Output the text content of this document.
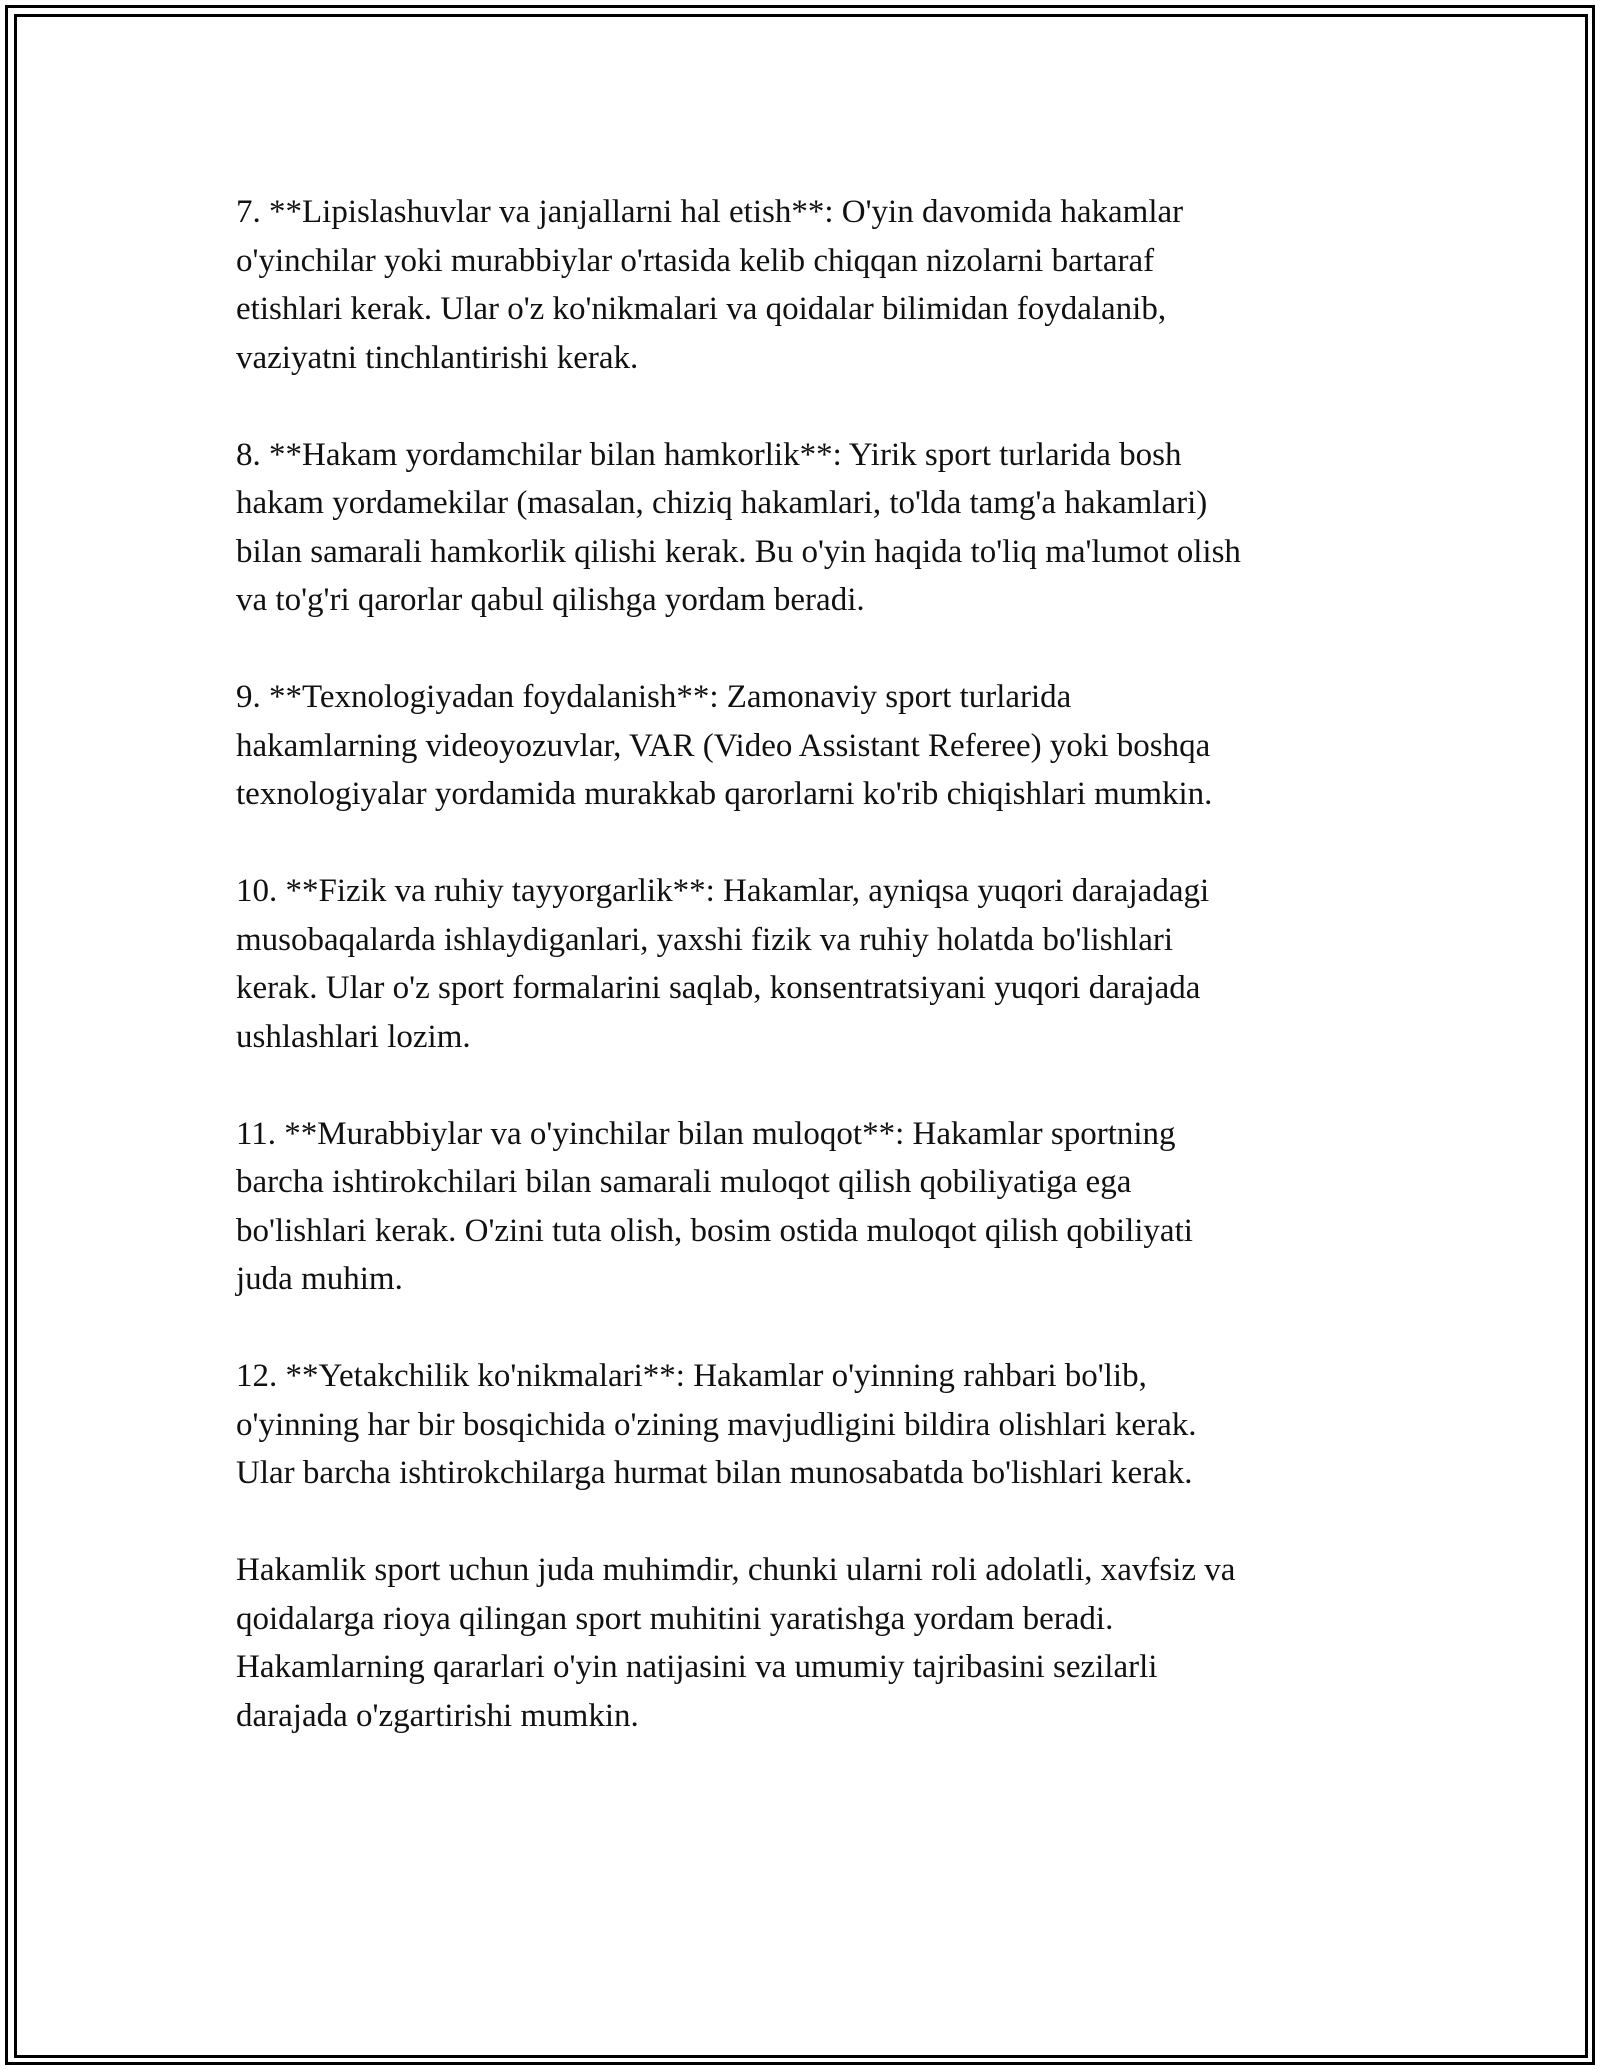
7. **Lipislashuvlar va janjallarni hal etish**: O'yin davomida hakamlar
o'yinchilar yoki murabbiylar o'rtasida kelib chiqqan nizolarni bartaraf
etishlari kerak. Ular o'z ko'nikmalari va qoidalar bilimidan foydalanib,
vaziyatni tinchlantirishi kerak.
8. **Hakam yordamchilar bilan hamkorlik**: Yirik sport turlarida bosh
hakam yordamekilar (masalan, chiziq hakamlari, to'lda tamg'a hakamlari)
bilan samarali hamkorlik qilishi kerak. Bu o'yin haqida to'liq ma'lumot olish
va to'g'ri qarorlar qabul qilishga yordam beradi.
9. **Texnologiyadan foydalanish**: Zamonaviy sport turlarida
hakamlarning videoyozuvlar, VAR (Video Assistant Referee) yoki boshqa
texnologiyalar yordamida murakkab qarorlarni ko'rib chiqishlari mumkin.
10. **Fizik va ruhiy tayyorgarlik**: Hakamlar, ayniqsa yuqori darajadagi
musobaqalarda ishlaydiganlari, yaxshi fizik va ruhiy holatda bo'lishlari
kerak. Ular o'z sport formalarini saqlab, konsentratsiyani yuqori darajada
ushlashlari lozim.
11. **Murabbiylar va o'yinchilar bilan muloqot**: Hakamlar sportning
barcha ishtirokchilari bilan samarali muloqot qilish qobiliyatiga ega
bo'lishlari kerak. O'zini tuta olish, bosim ostida muloqot qilish qobiliyati
juda muhim.
12. **Yetakchilik ko'nikmalari**: Hakamlar o'yinning rahbari bo'lib,
o'yinning har bir bosqichida o'zining mavjudligini bildira olishlari kerak.
Ular barcha ishtirokchilarga hurmat bilan munosabatda bo'lishlari kerak.
Hakamlik sport uchun juda muhimdir, chunki ularni roli adolatli, xavfsiz va
qoidalarga rioya qilingan sport muhitini yaratishga yordam beradi.
Hakamlarning qararlari o'yin natijasini va umumiy tajribasini sezilarli
darajada o'zgartirishi mumkin.
